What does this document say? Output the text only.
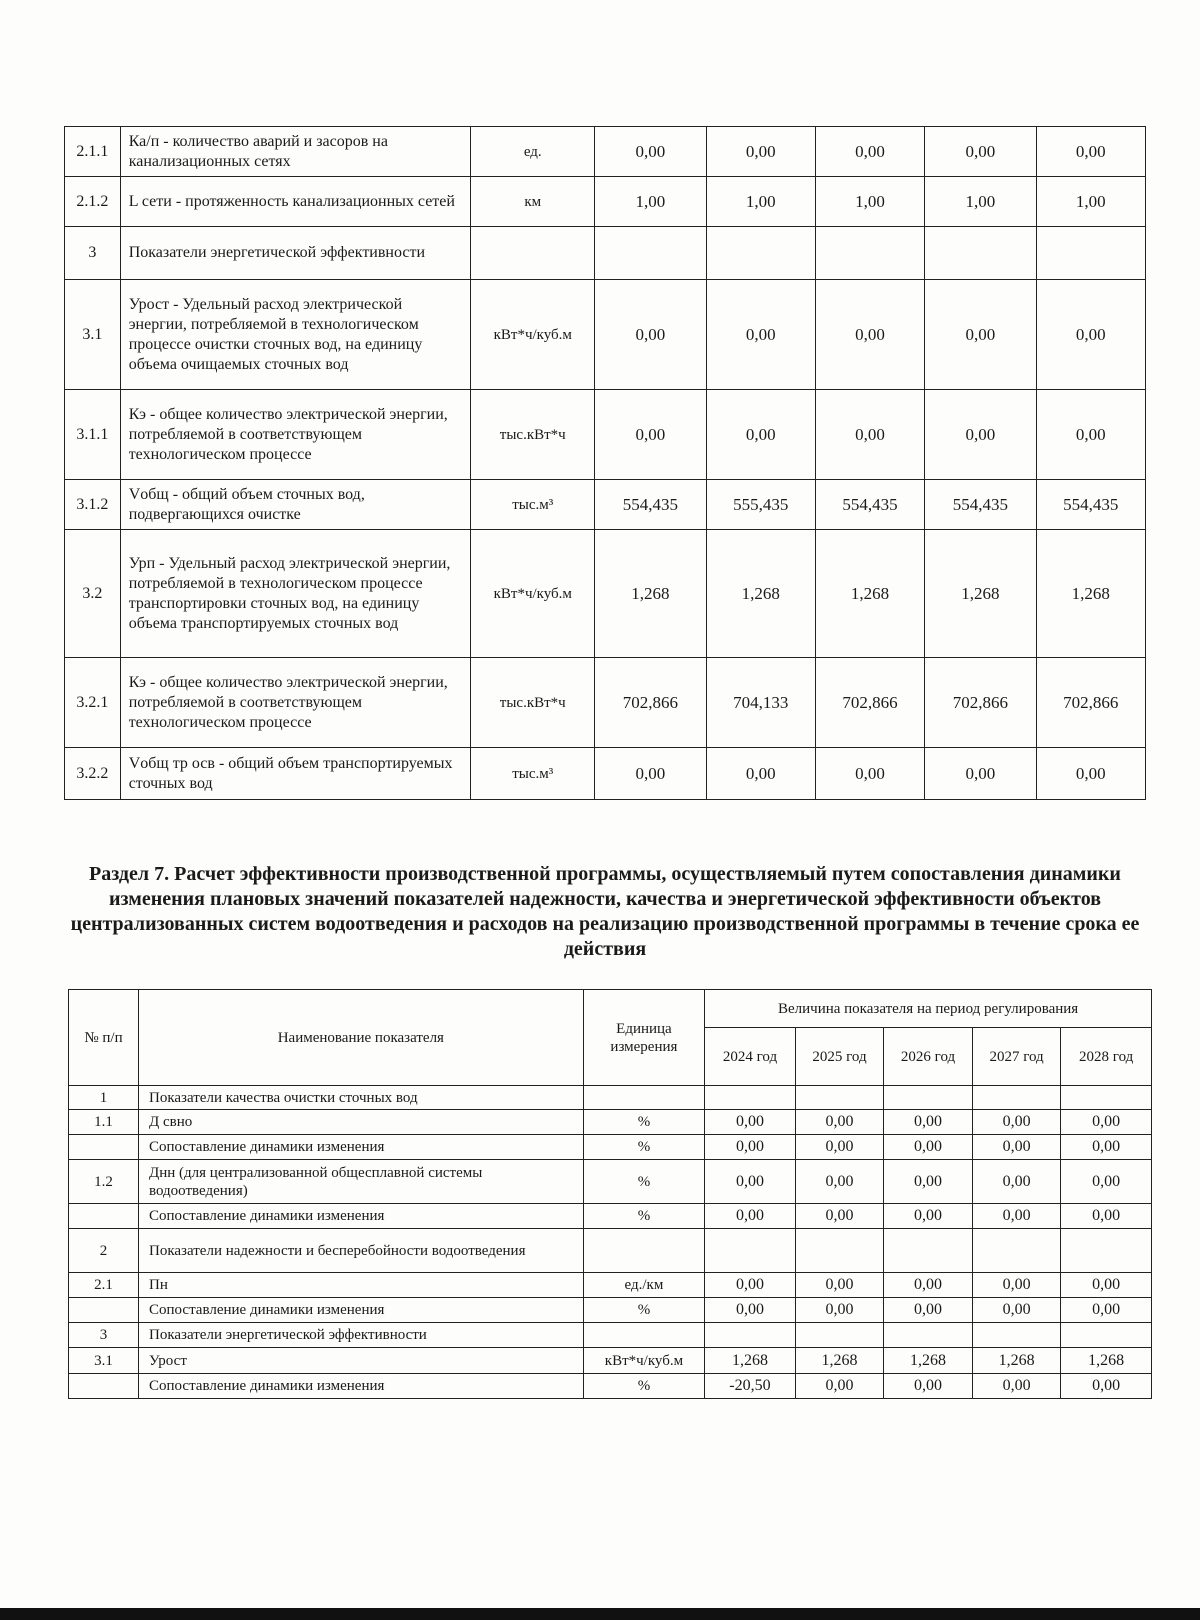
2.1.1	Ка/п - количество аварий и засоров на канализационных сетях	ед.	0,00	0,00	0,00	0,00	0,00
2.1.2	L сети - протяженность канализационных сетей	км	1,00	1,00	1,00	1,00	1,00
3	Показатели энергетической эффективности						
3.1	Урост - Удельный расход электрической энергии, потребляемой в технологическом процессе очистки сточных вод, на единицу объема очищаемых сточных вод	кВт*ч/куб.м	0,00	0,00	0,00	0,00	0,00
3.1.1	Кэ - общее количество электрической энергии, потребляемой в соответствующем технологическом процессе	тыс.кВт*ч	0,00	0,00	0,00	0,00	0,00
3.1.2	Vобщ - общий объем сточных вод, подвергающихся очистке	тыс.м³	554,435	555,435	554,435	554,435	554,435
3.2	Урп - Удельный расход электрической энергии, потребляемой в технологическом процессе транспортировки сточных вод, на единицу объема транспортируемых сточных вод	кВт*ч/куб.м	1,268	1,268	1,268	1,268	1,268
3.2.1	Кэ - общее количество электрической энергии, потребляемой в соответствующем технологическом процессе	тыс.кВт*ч	702,866	704,133	702,866	702,866	702,866
3.2.2	Vобщ тр осв - общий объем транспортируемых сточных вод	тыс.м³	0,00	0,00	0,00	0,00	0,00
Раздел 7. Расчет эффективности производственной программы, осуществляемый путем сопоставления динамики изменения плановых значений показателей надежности, качества и энергетической эффективности объектов централизованных систем водоотведения и расходов на реализацию производственной программы в течение срока ее действия
№ п/п	Наименование показателя	Единица измерения	Величина показателя на период регулирования				
			2024 год	2025 год	2026 год	2027 год	2028 год
1	Показатели качества очистки сточных вод						
1.1	Д свно	%	0,00	0,00	0,00	0,00	0,00
	Сопоставление динамики изменения	%	0,00	0,00	0,00	0,00	0,00
1.2	Днн (для централизованной общесплавной системы водоотведения)	%	0,00	0,00	0,00	0,00	0,00
	Сопоставление динамики изменения	%	0,00	0,00	0,00	0,00	0,00
2	Показатели надежности и бесперебойности водоотведения						
2.1	Пн	ед./км	0,00	0,00	0,00	0,00	0,00
	Сопоставление динамики изменения	%	0,00	0,00	0,00	0,00	0,00
3	Показатели энергетической эффективности						
3.1	Урост	кВт*ч/куб.м	1,268	1,268	1,268	1,268	1,268
	Сопоставление динамики изменения	%	-20,50	0,00	0,00	0,00	0,00
